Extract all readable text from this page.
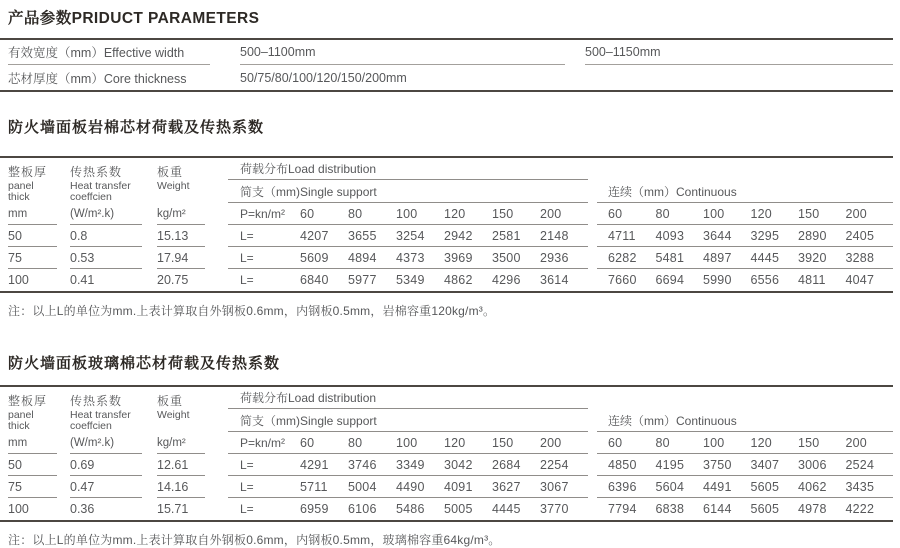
产品参数PRIDUCT PARAMETERS
有效宽度（mm）Effective width	500–1100mm	500–1150mm
芯材厚度（mm）Core thickness	50/75/80/100/120/150/200mm
防火墙面板岩棉芯材荷载及传热系数
整板厚
panel
thick
mm
传热系数
Heat transfer
coeffcien
(W/m².k)
板重
Weight
kg/m²
荷载分布Load distribution
简支（mm)Single support	连续（mm）Continuous
P=kn/m²	60	80	100	120	150	200	60	80	100	120	150	200
50	0.8	15.13	L=	4207	3655	3254	2942	2581	2148	4711	4093	3644	3295	2890	2405
75	0.53	17.94	L=	5609	4894	4373	3969	3500	2936	6282	5481	4897	4445	3920	3288
100	0.41	20.75	L=	6840	5977	5349	4862	4296	3614	7660	6694	5990	6556	4811	4047
注：以上L的单位为mm.上表计算取自外钢板0.6mm，内钢板0.5mm，岩棉容重120kg/m³。
防火墙面板玻璃棉芯材荷载及传热系数
整板厚
panel
thick
mm
传热系数
Heat transfer
coeffcien
(W/m².k)
板重
Weight
kg/m²
荷载分布Load distribution
简支（mm)Single support	连续（mm）Continuous
P=kn/m²	60	80	100	120	150	200	60	80	100	120	150	200
50	0.69	12.61	L=	4291	3746	3349	3042	2684	2254	4850	4195	3750	3407	3006	2524
75	0.47	14.16	L=	5711	5004	4490	4091	3627	3067	6396	5604	4491	5605	4062	3435
100	0.36	15.71	L=	6959	6106	5486	5005	4445	3770	7794	6838	6144	5605	4978	4222
注：以上L的单位为mm.上表计算取自外钢板0.6mm，内钢板0.5mm，玻璃棉容重64kg/m³。
